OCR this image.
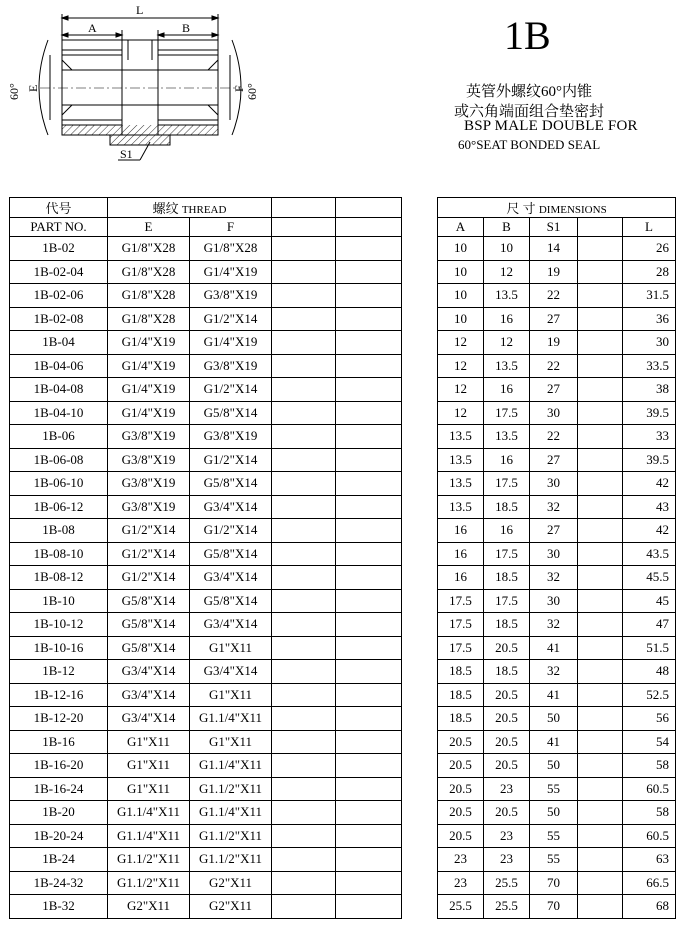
L
A	B
E	F
60°	60°
S1
1B
英管外螺纹60°内锥
或六角端面组合垫密封
BSP MALE DOUBLE FOR
60°SEAT BONDED SEAL
代号	螺纹 THREAD					尺 寸 DIMENSIONS				
PART NO.	E	F				A	B	S1		L
1B-02	G1/8"X28	G1/8"X28				10	10	14		26
1B-02-04	G1/8"X28	G1/4"X19				10	12	19		28
1B-02-06	G1/8"X28	G3/8"X19				10	13.5	22		31.5
1B-02-08	G1/8"X28	G1/2"X14				10	16	27		36
1B-04	G1/4"X19	G1/4"X19				12	12	19		30
1B-04-06	G1/4"X19	G3/8"X19				12	13.5	22		33.5
1B-04-08	G1/4"X19	G1/2"X14				12	16	27		38
1B-04-10	G1/4"X19	G5/8"X14				12	17.5	30		39.5
1B-06	G3/8"X19	G3/8"X19				13.5	13.5	22		33
1B-06-08	G3/8"X19	G1/2"X14				13.5	16	27		39.5
1B-06-10	G3/8"X19	G5/8"X14				13.5	17.5	30		42
1B-06-12	G3/8"X19	G3/4"X14				13.5	18.5	32		43
1B-08	G1/2"X14	G1/2"X14				16	16	27		42
1B-08-10	G1/2"X14	G5/8"X14				16	17.5	30		43.5
1B-08-12	G1/2"X14	G3/4"X14				16	18.5	32		45.5
1B-10	G5/8"X14	G5/8"X14				17.5	17.5	30		45
1B-10-12	G5/8"X14	G3/4"X14				17.5	18.5	32		47
1B-10-16	G5/8"X14	G1"X11				17.5	20.5	41		51.5
1B-12	G3/4"X14	G3/4"X14				18.5	18.5	32		48
1B-12-16	G3/4"X14	G1"X11				18.5	20.5	41		52.5
1B-12-20	G3/4"X14	G1.1/4"X11				18.5	20.5	50		56
1B-16	G1"X11	G1"X11				20.5	20.5	41		54
1B-16-20	G1"X11	G1.1/4"X11				20.5	20.5	50		58
1B-16-24	G1"X11	G1.1/2"X11				20.5	23	55		60.5
1B-20	G1.1/4"X11	G1.1/4"X11				20.5	20.5	50		58
1B-20-24	G1.1/4"X11	G1.1/2"X11				20.5	23	55		60.5
1B-24	G1.1/2"X11	G1.1/2"X11				23	23	55		63
1B-24-32	G1.1/2"X11	G2"X11				23	25.5	70		66.5
1B-32	G2"X11	G2"X11				25.5	25.5	70		68
